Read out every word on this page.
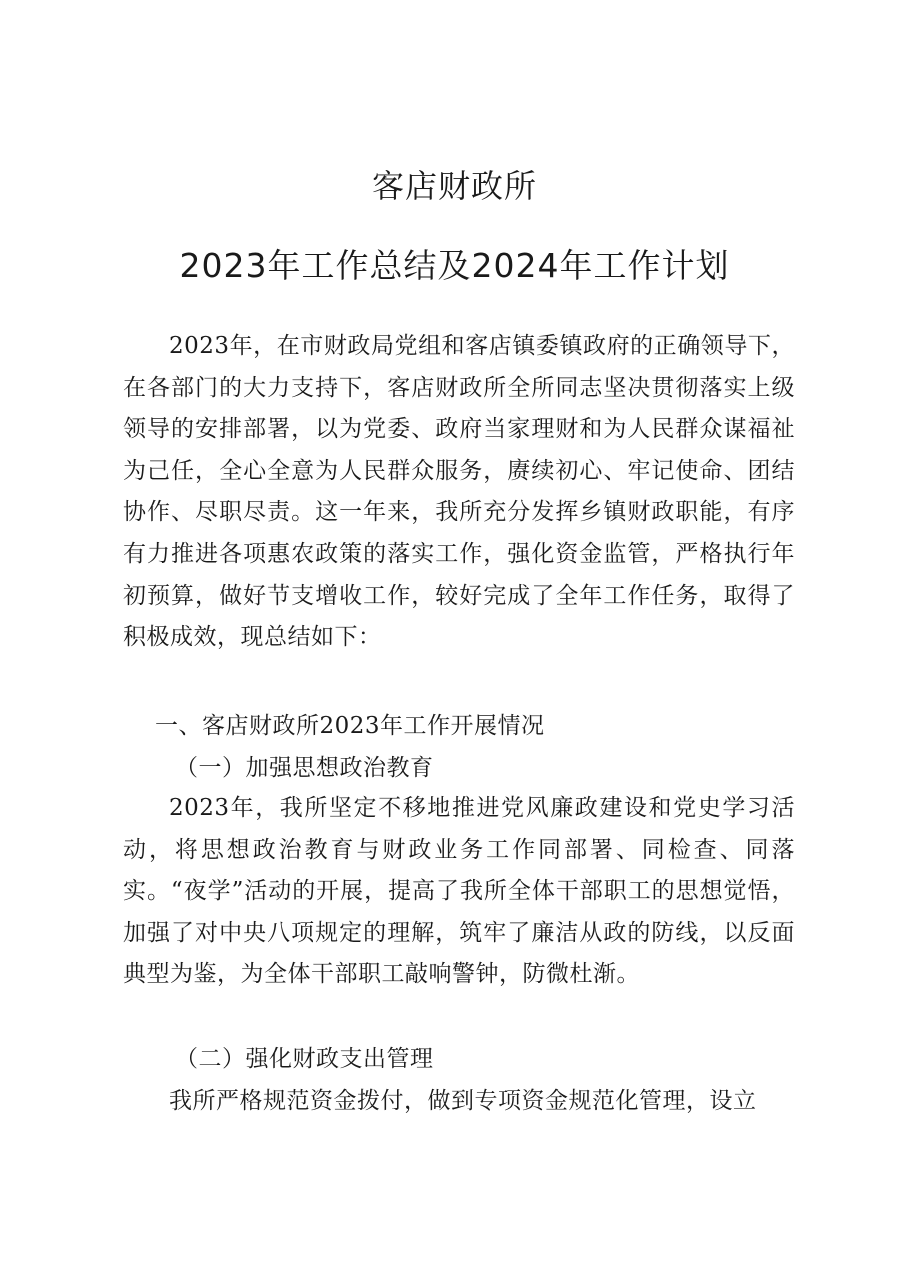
客店财政所
2023年工作总结及2024年工作计划
2023年，在市财政局党组和客店镇委镇政府的正确领导下，在各部门的大力支持下，客店财政所全所同志坚决贯彻落实上级领导的安排部署，以为党委、政府当家理财和为人民群众谋福祉为己任，全心全意为人民群众服务，赓续初心、牢记使命、团结协作、尽职尽责。这一年来，我所充分发挥乡镇财政职能，有序有力推进各项惠农政策的落实工作，强化资金监管，严格执行年初预算，做好节支增收工作，较好完成了全年工作任务，取得了积极成效，现总结如下：
一、客店财政所2023年工作开展情况
（一）加强思想政治教育
2023年，我所坚定不移地推进党风廉政建设和党史学习活动，将思想政治教育与财政业务工作同部署、同检查、同落实。“夜学”活动的开展，提高了我所全体干部职工的思想觉悟，加强了对中央八项规定的理解，筑牢了廉洁从政的防线，以反面典型为鉴，为全体干部职工敲响警钟，防微杜渐。
（二）强化财政支出管理
我所严格规范资金拨付，做到专项资金规范化管理，设立
